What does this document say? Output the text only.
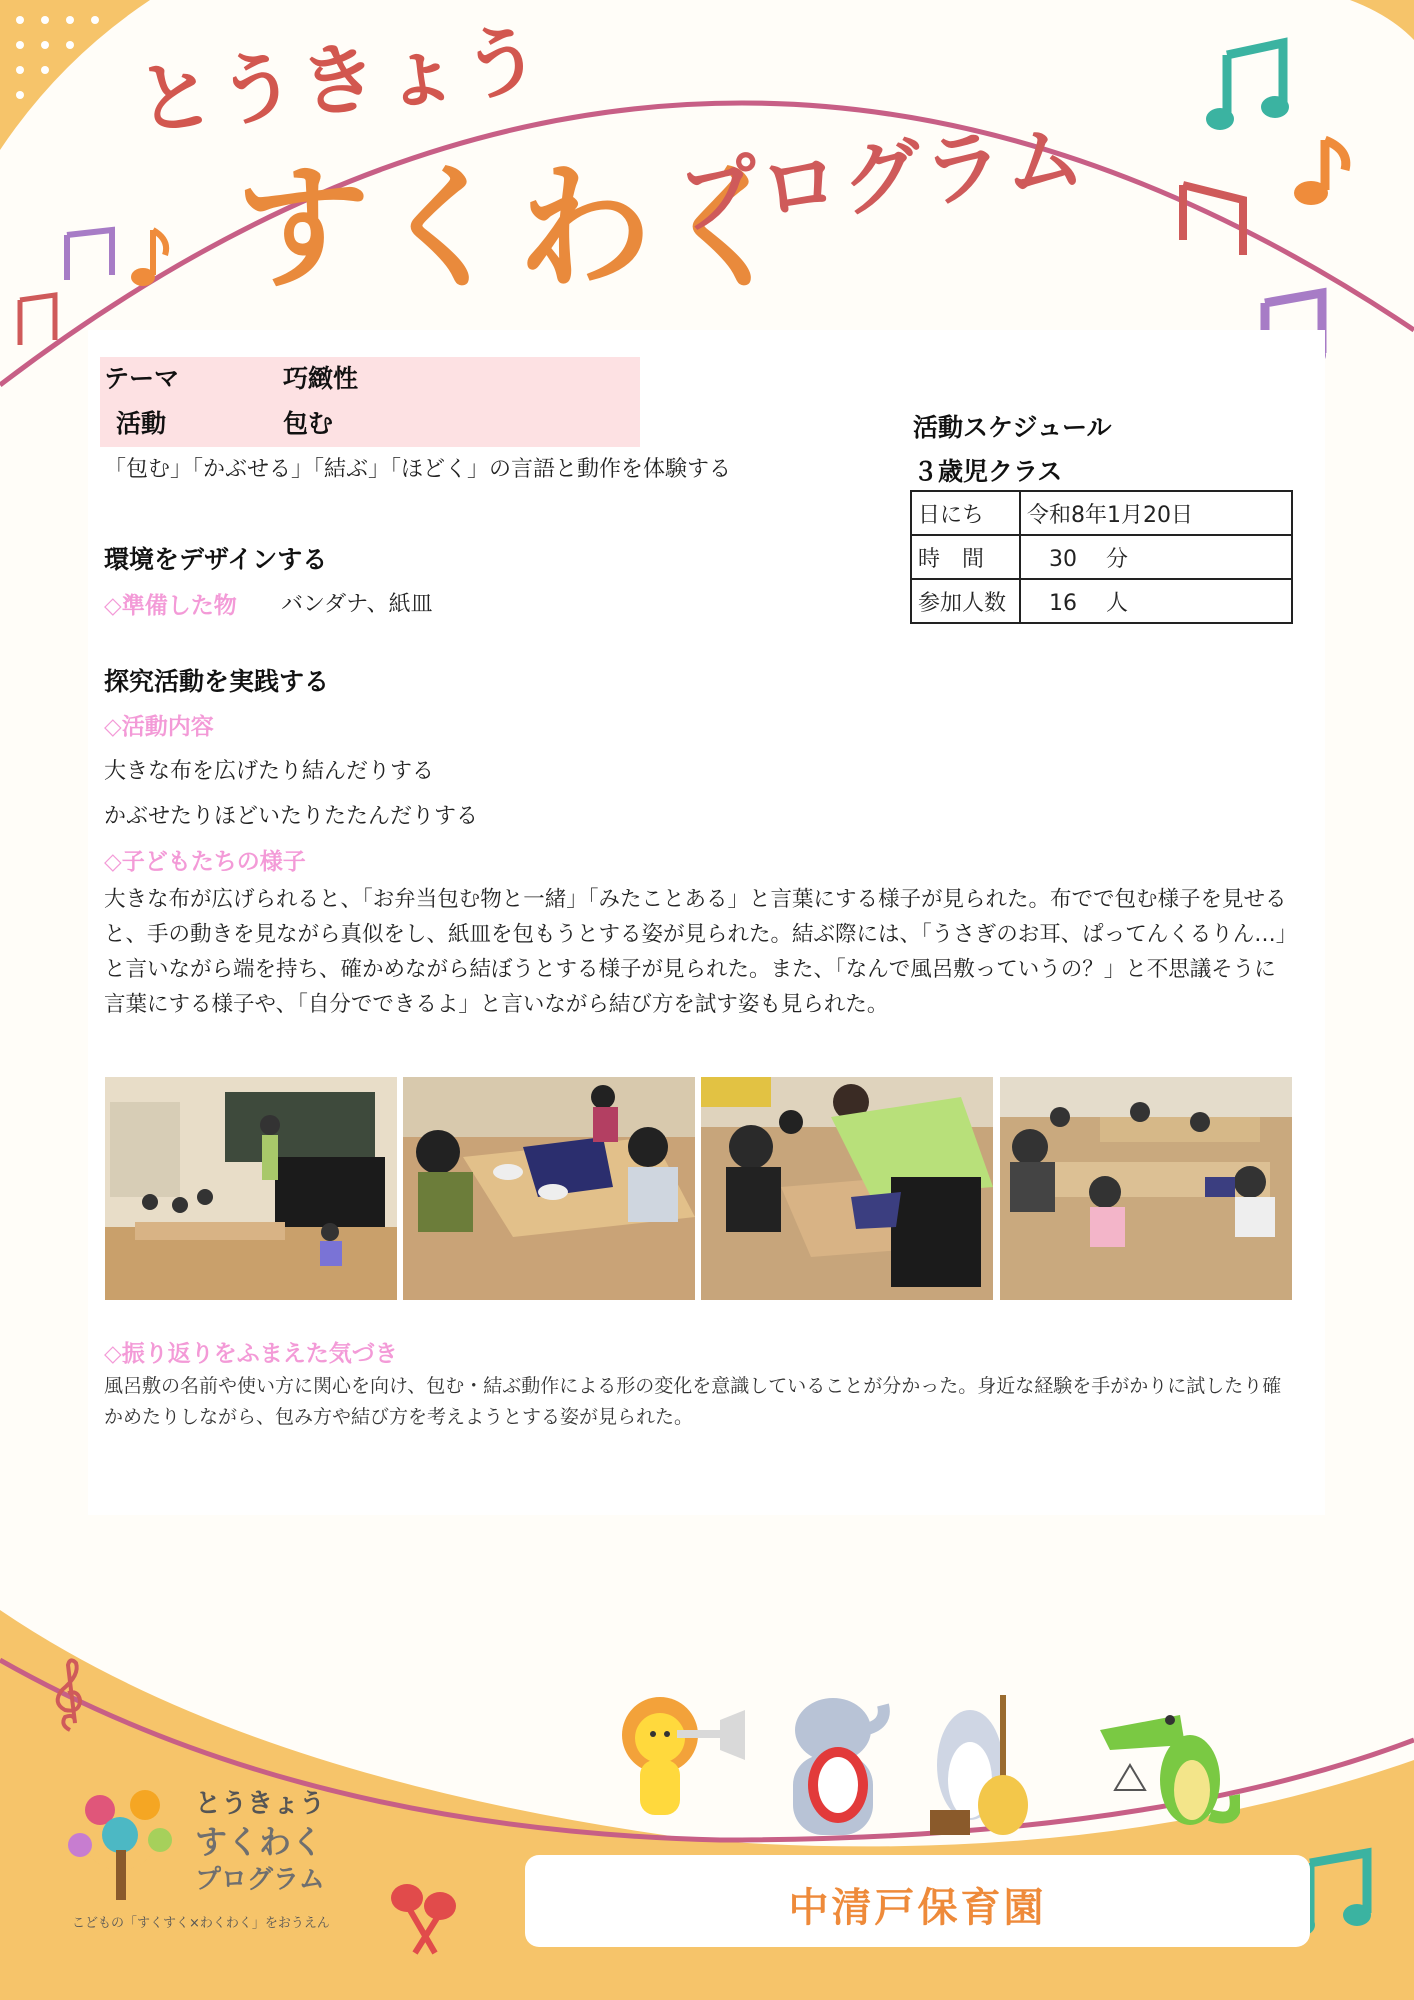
とうきょう
すくわく
プログラム
テーマ	巧緻性
活動	包む
「包む」「かぶせる」「結ぶ」「ほどく」の言語と動作を体験する
活動スケジュール
３歳児クラス
日にち	令和8年1月20日
時　間	　30　 分
参加人数	　16　 人
環境をデザインする
◇準備した物 バンダナ、紙皿
探究活動を実践する
◇活動内容
大きな布を広げたり結んだりする
かぶせたりほどいたりたたんだりする
◇子どもたちの様子
大きな布が広げられると、「お弁当包む物と一緒」「みたことある」と言葉にする様子が見られた。布でで包む様子を見せると、手の動きを見ながら真似をし、紙皿を包もうとする姿が見られた。結ぶ際には、「うさぎのお耳、ぱってんくるりん…」と言いながら端を持ち、確かめながら結ぼうとする様子が見られた。また、「なんで風呂敷っていうの？」と不思議そうに言葉にする様子や、「自分でできるよ」と言いながら結び方を試す姿も見られた。
◇振り返りをふまえた気づき
風呂敷の名前や使い方に関心を向け、包む・結ぶ動作による形の変化を意識していることが分かった。身近な経験を手がかりに試したり確かめたりしながら、包み方や結び方を考えようとする姿が見られた。
中清戸保育園
とうきょう
すくわく
プログラム
こどもの「すくすく×わくわく」をおうえん
